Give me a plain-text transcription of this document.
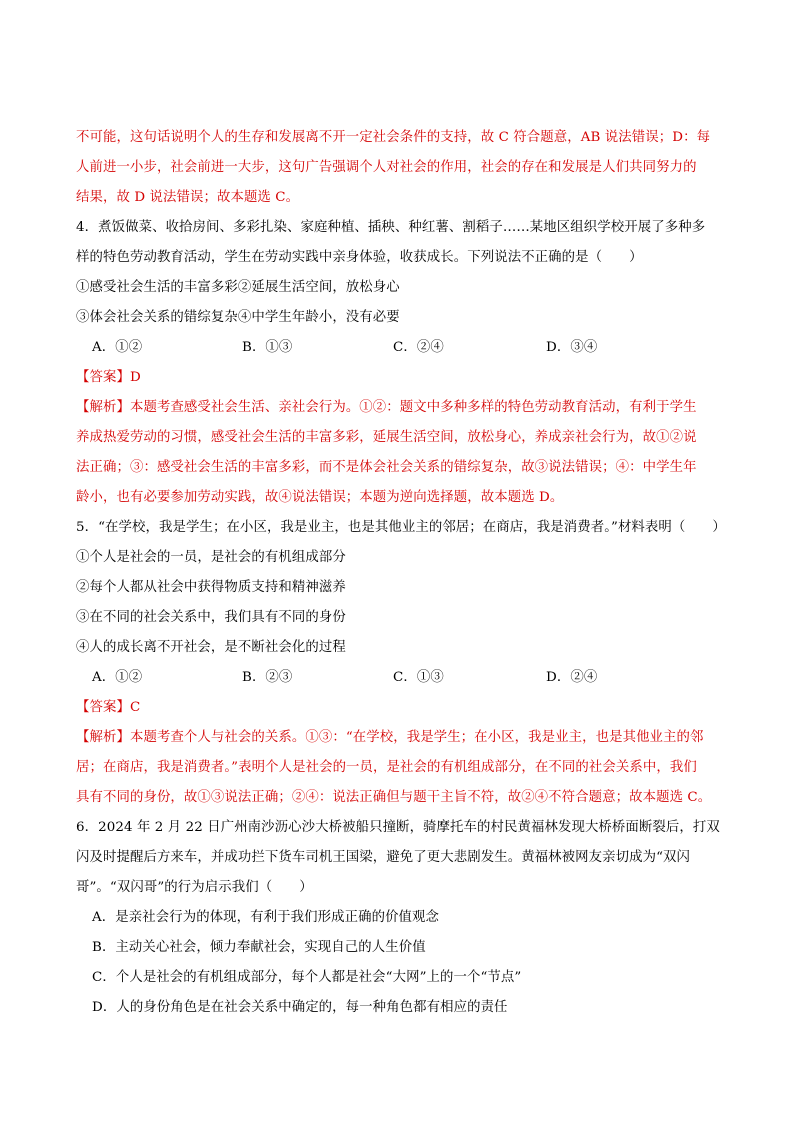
不可能，这句话说明个人的生存和发展离不开一定社会条件的支持，故 C 符合题意，AB 说法错误；D：每
人前进一小步，社会前进一大步，这句广告强调个人对社会的作用，社会的存在和发展是人们共同努力的
结果，故 D 说法错误；故本题选 C。
4．煮饭做菜、收拾房间、多彩扎染、家庭种植、插秧、种红薯、割稻子……某地区组织学校开展了多种多
样的特色劳动教育活动，学生在劳动实践中亲身体验，收获成长。下列说法不正确的是（　　）
①感受社会生活的丰富多彩②延展生活空间，放松身心
③体会社会关系的错综复杂④中学生年龄小，没有必要
A．①②	B．①③	C．②④	D．③④
【答案】D
【解析】本题考查感受社会生活、亲社会行为。①②：题文中多种多样的特色劳动教育活动，有利于学生
养成热爱劳动的习惯，感受社会生活的丰富多彩，延展生活空间，放松身心，养成亲社会行为，故①②说
法正确；③：感受社会生活的丰富多彩，而不是体会社会关系的错综复杂，故③说法错误；④：中学生年
龄小，也有必要参加劳动实践，故④说法错误；本题为逆向选择题，故本题选 D。
5．“在学校，我是学生；在小区，我是业主，也是其他业主的邻居；在商店，我是消费者。”材料表明（　　）
①个人是社会的一员，是社会的有机组成部分
②每个人都从社会中获得物质支持和精神滋养
③在不同的社会关系中，我们具有不同的身份
④人的成长离不开社会，是不断社会化的过程
A．①②	B．②③	C．①③	D．②④
【答案】C
【解析】本题考查个人与社会的关系。①③：“在学校，我是学生；在小区，我是业主，也是其他业主的邻
居；在商店，我是消费者。”表明个人是社会的一员，是社会的有机组成部分，在不同的社会关系中，我们
具有不同的身份，故①③说法正确；②④：说法正确但与题干主旨不符，故②④不符合题意；故本题选 C。
6．2024 年 2 月 22 日广州南沙沥心沙大桥被船只撞断，骑摩托车的村民黄福林发现大桥桥面断裂后，打双
闪及时提醒后方来车，并成功拦下货车司机王国梁，避免了更大悲剧发生。黄福林被网友亲切成为“双闪
哥”。“双闪哥”的行为启示我们（　　）
A．是亲社会行为的体现，有利于我们形成正确的价值观念
B．主动关心社会，倾力奉献社会，实现自己的人生价值
C．个人是社会的有机组成部分，每个人都是社会“大网”上的一个“节点”
D．人的身份角色是在社会关系中确定的，每一种角色都有相应的责任
